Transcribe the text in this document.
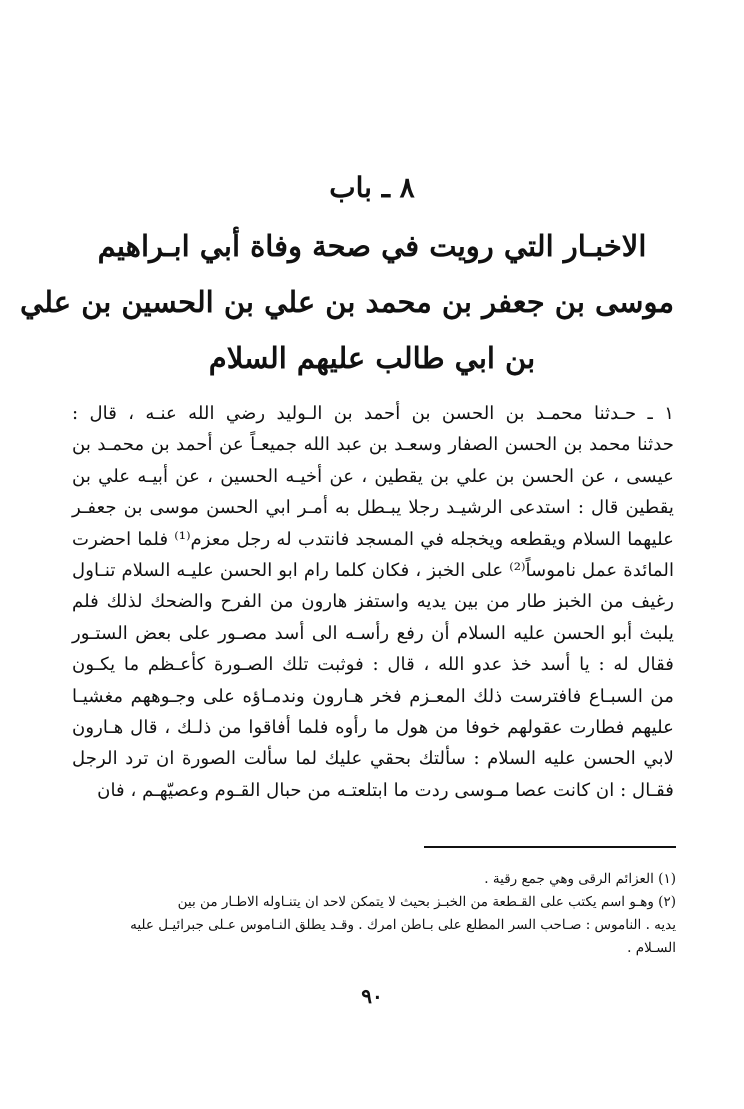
٨ ـ باب
الاخبـار التي رويت في صحة وفاة أبي ابـراهيم
موسى بن جعفر بن محمد بن علي بن الحسين بن علي
بن ابي طالب عليهم السلام
١ ـ حـدثنا محمـد بن الحسن بن أحمد بن الـوليد رضي الله عنـه ، قال :
حدثنا محمد بن الحسن الصفار وسعـد بن عبد الله جميعـاً عن أحمد بن محمـد بن
عيسى ، عن الحسن بن علي بن يقطين ، عن أخيـه الحسين ، عن أبيـه علي بن
يقطين قال : استدعى الرشيـد رجلا يبـطل به أمـر ابي الحسن موسى بن جعفـر
عليهما السلام ويقطعه ويخجله في المسجد فانتدب له رجل معزم⁽¹⁾ فلما احضرت
المائدة عمل ناموساً⁽²⁾ على الخبز ، فكان كلما رام ابو الحسن عليـه السلام تنـاول
رغيف من الخبز طار من بين يديه واستفز هارون من الفرح والضحك لذلك فلم
يلبث أبو الحسن عليه السلام أن رفع رأسـه الى أسد مصـور على بعض الستـور
فقال له : يا أسد خذ عدو الله ، قال : فوثبت تلك الصـورة كأعـظم ما يكـون
من السبـاع فافترست ذلك المعـزم فخر هـارون وندمـاؤه على وجـوههم مغشيـا
عليهم فطارت عقولهم خوفا من هول ما رأوه فلما أفاقوا من ذلـك ، قال هـارون
لابي الحسن عليه السلام : سألتك بحقي عليك لما سألت الصورة ان ترد الرجل
فقـال : ان كانت عصا مـوسى ردت ما ابتلعتـه من حبال القـوم وعصيّهـم ، فان
(١) العزائم الرقى وهي جمع رقية .
(٢) وهـو اسم يكتب على القـطعة من الخبـز بحيث لا يتمكن لاحد ان يتنـاوله الاطـار من بين
يديه . الناموس : صـاحب السر المطلع على بـاطن امرك . وقـد يطلق النـاموس عـلى جبرائيـل عليه
السـلام .
٩٠
